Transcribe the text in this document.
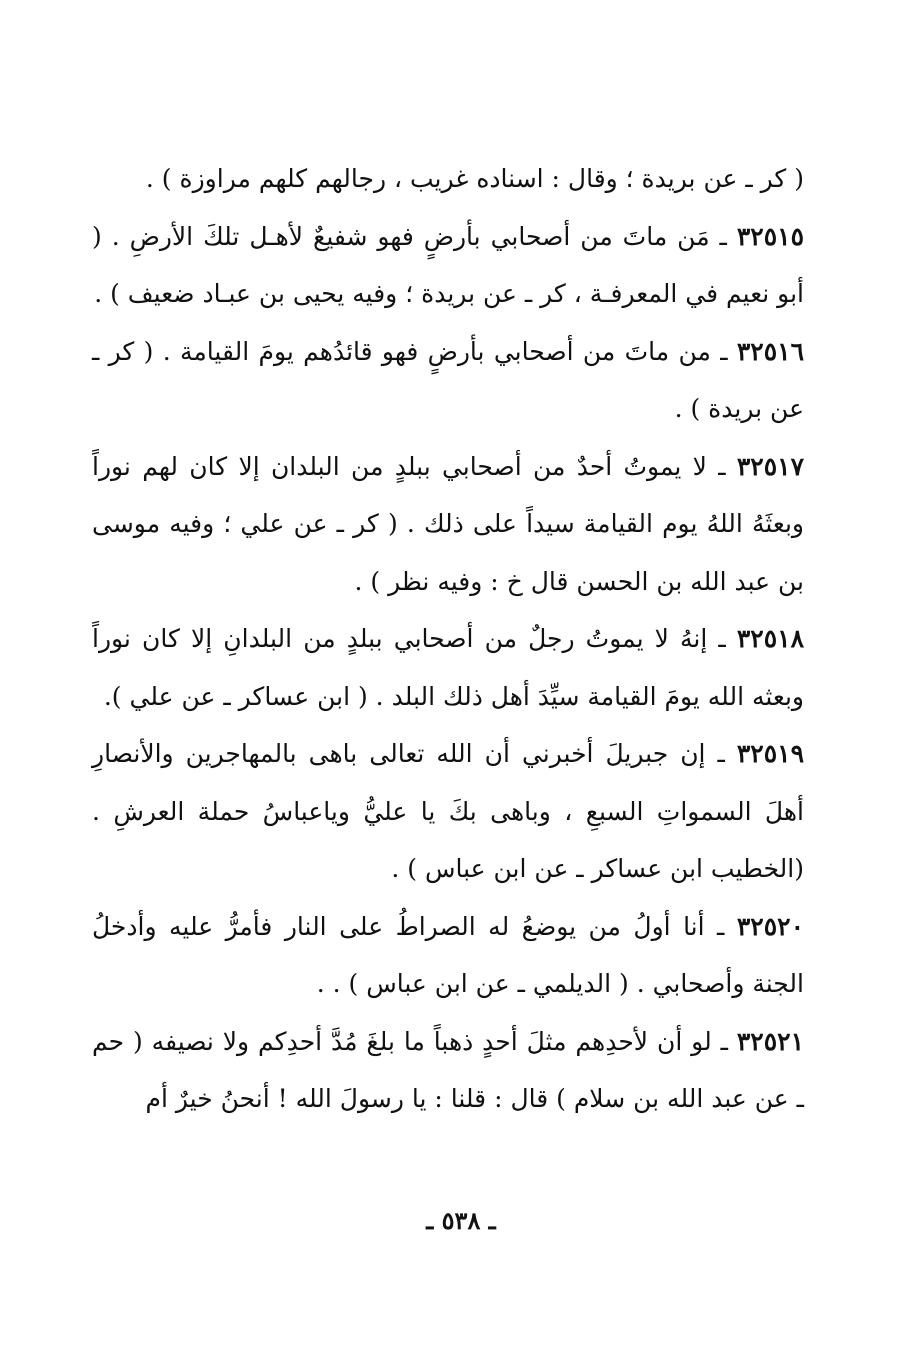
( كر ـ عن بريدة ؛ وقال : اسناده غريب ، رجالهم كلهم مراوزة ) .

٣٢٥١٥ ـ مَن ماتَ من أصحابي بأرضٍ فهو شفيعٌ لأهـل تلكَ الأرضِ . ( أبو نعيم في المعرفـة ، كر ـ عن بريدة ؛ وفيه يحيى بن عبـاد ضعيف ) .

٣٢٥١٦ ـ من ماتَ من أصحابي بأرضٍ فهو قائدُهم يومَ القيامة . ( كر ـ عن بريدة ) .

٣٢٥١٧ ـ لا يموتُ أحدٌ من أصحابي ببلدٍ من البلدان إلا كان لهم نوراً وبعثَهُ اللهُ يوم القيامة سيداً على ذلك . ( كر ـ عن علي ؛ وفيه موسى بن عبد الله بن الحسن قال خ : وفيه نظر ) .

٣٢٥١٨ ـ إنهُ لا يموتُ رجلٌ من أصحابي ببلدٍ من البلدانِ إلا كان نوراً وبعثه الله يومَ القيامة سيِّدَ أهل ذلك البلد . ( ابن عساكر ـ عن علي ).

٣٢٥١٩ ـ إن جبريلَ أخبرني أن الله تعالى باهى بالمهاجرين والأنصارِ أهلَ السمواتِ السبعِ ، وباهى بكَ يا عليُّ وياعباسُ حملة العرشِ . (الخطيب ابن عساكر ـ عن ابن عباس ) .

٣٢٥٢٠ ـ أنا أولُ من يوضعُ له الصراطُ على النار فأمرُّ عليه وأدخلُ الجنة وأصحابي . ( الديلمي ـ عن ابن عباس ) . .

٣٢٥٢١ ـ لو أن لأحدِهم مثلَ أحدٍ ذهباً ما بلغَ مُدَّ أحدِكم ولا نصيفه ( حم ـ عن عبد الله بن سلام ) قال : قلنا : يا رسولَ الله ! أنحنُ خيرٌ أم

ـ ٥٣٨ ـ
